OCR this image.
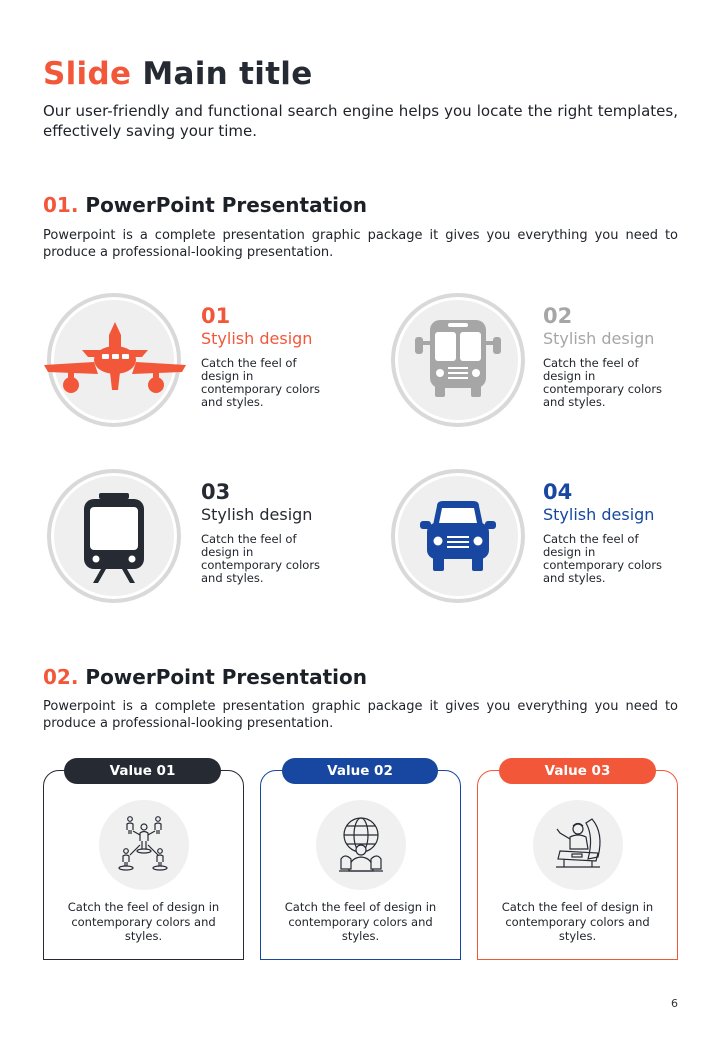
Slide Main title
Our user-friendly and functional search engine helps you locate the right templates, effectively saving your time.
01. PowerPoint Presentation
Powerpoint is a complete presentation graphic package it gives you everything you need to produce a professional-looking presentation.
01
Stylish design
Catch the feel of design in contemporary colors and styles.
02
Stylish design
Catch the feel of design in contemporary colors and styles.
03
Stylish design
Catch the feel of design in contemporary colors and styles.
04
Stylish design
Catch the feel of design in contemporary colors and styles.
02. PowerPoint Presentation
Powerpoint is a complete presentation graphic package it gives you everything you need to produce a professional-looking presentation.
Catch the feel of design in contemporary colors and styles.
Value 01
Catch the feel of design in contemporary colors and styles.
Value 02
Catch the feel of design in contemporary colors and styles.
Value 03
6
